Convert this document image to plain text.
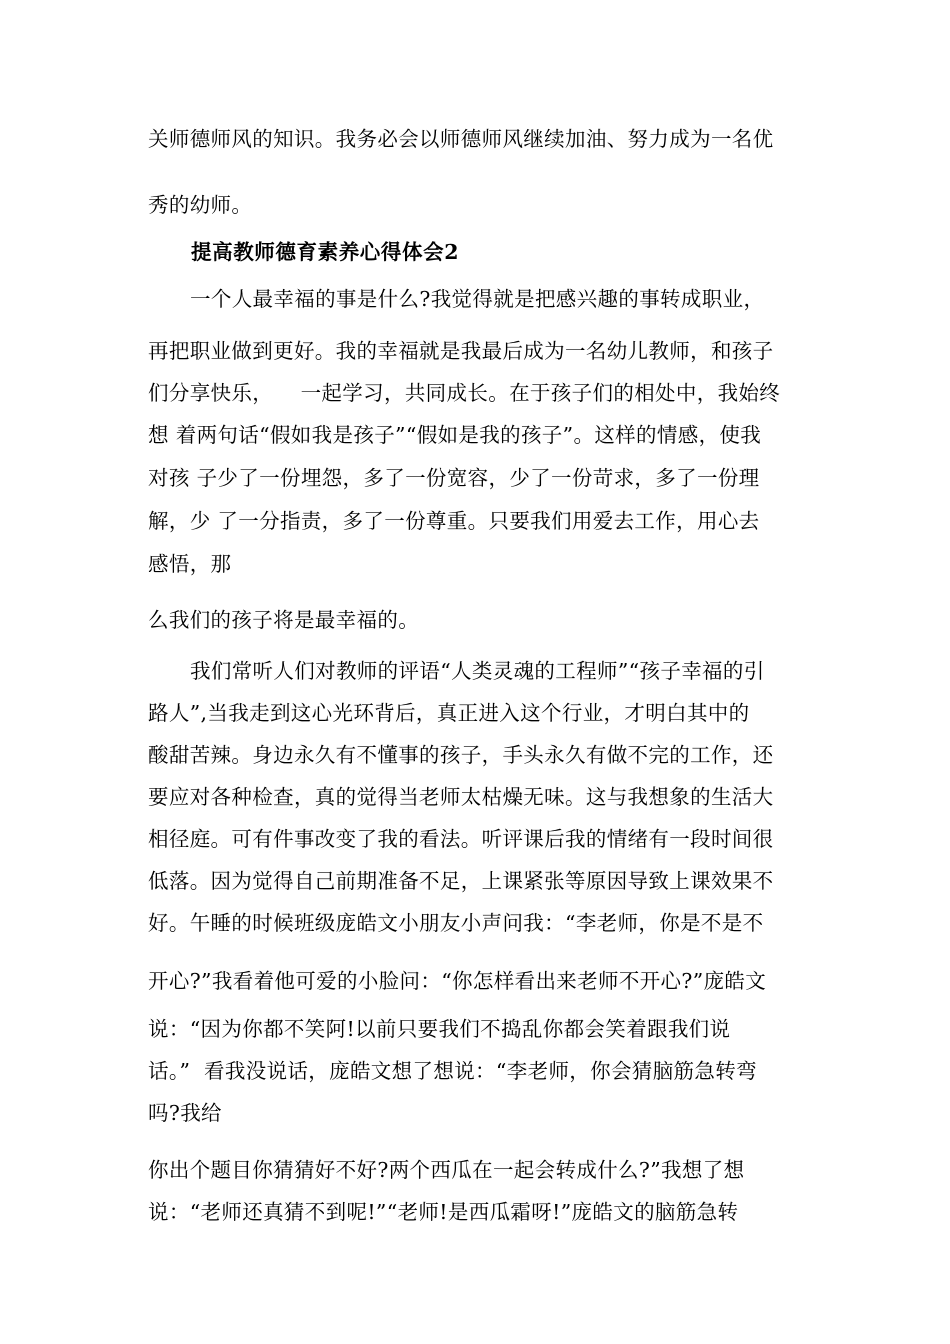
关师德师风的知识。我务必会以师德师风继续加油、努力成为一名优
秀的幼师。
提高教师德育素养心得体会2
一个人最幸福的事是什么?我觉得就是把感兴趣的事转成职业，
再把职业做到更好。我的幸福就是我最后成为一名幼儿教师，和孩子
们分享快乐，    一起学习，共同成长。在于孩子们的相处中，我始终
想 着两句话“假如我是孩子”“假如是我的孩子”。这样的情感，使我
对孩 子少了一份埋怨，多了一份宽容，少了一份苛求，多了一份理
解，少 了一分指责，多了一份尊重。只要我们用爱去工作，用心去
感悟，那
么我们的孩子将是最幸福的。
我们常听人们对教师的评语“人类灵魂的工程师”“孩子幸福的引
路人”,当我走到这心光环背后，真正进入这个行业，才明白其中的
酸甜苦辣。身边永久有不懂事的孩子，手头永久有做不完的工作，还
要应对各种检查，真的觉得当老师太枯燥无味。这与我想象的生活大
相径庭。可有件事改变了我的看法。听评课后我的情绪有一段时间很
低落。因为觉得自己前期准备不足，上课紧张等原因导致上课效果不
好。午睡的时候班级庞皓文小朋友小声问我：“李老师，你是不是不
开心?”我看着他可爱的小脸问：“你怎样看出来老师不开心?”庞皓文
说：“因为你都不笑阿!以前只要我们不捣乱你都会笑着跟我们说
话。”  看我没说话，庞皓文想了想说：“李老师，你会猜脑筋急转弯
吗?我给
你出个题目你猜猜好不好?两个西瓜在一起会转成什么?”我想了想
说：“老师还真猜不到呢!”“老师!是西瓜霜呀!”庞皓文的脑筋急转
